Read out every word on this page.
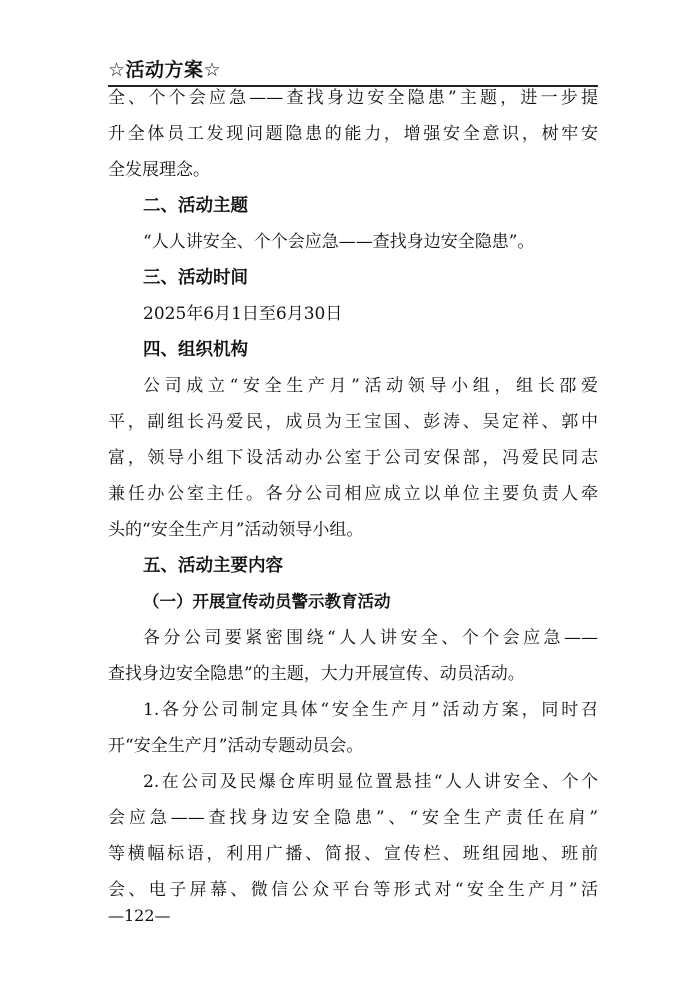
☆活动方案☆
全、个个会应急——查找身边安全隐患”主题，进一步提
升全体员工发现问题隐患的能力，增强安全意识，树牢安
全发展理念。
二、活动主题
“人人讲安全、个个会应急——查找身边安全隐患”。
三、活动时间
2025年6月1日至6月30日
四、组织机构
公司成立“安全生产月”活动领导小组，组长邵爱
平，副组长冯爱民，成员为王宝国、彭涛、吴定祥、郭中
富，领导小组下设活动办公室于公司安保部，冯爱民同志
兼任办公室主任。各分公司相应成立以单位主要负责人牵
头的“安全生产月”活动领导小组。
五、活动主要内容
（一）开展宣传动员警示教育活动
各分公司要紧密围绕“人人讲安全、个个会应急——
查找身边安全隐患”的主题，大力开展宣传、动员活动。
1.各分公司制定具体“安全生产月”活动方案，同时召
开“安全生产月”活动专题动员会。
2.在公司及民爆仓库明显位置悬挂“人人讲安全、个个
会应急——查找身边安全隐患”、“安全生产责任在肩”
等横幅标语，利用广播、简报、宣传栏、班组园地、班前
会、电子屏幕、微信公众平台等形式对“安全生产月”活
—122—
